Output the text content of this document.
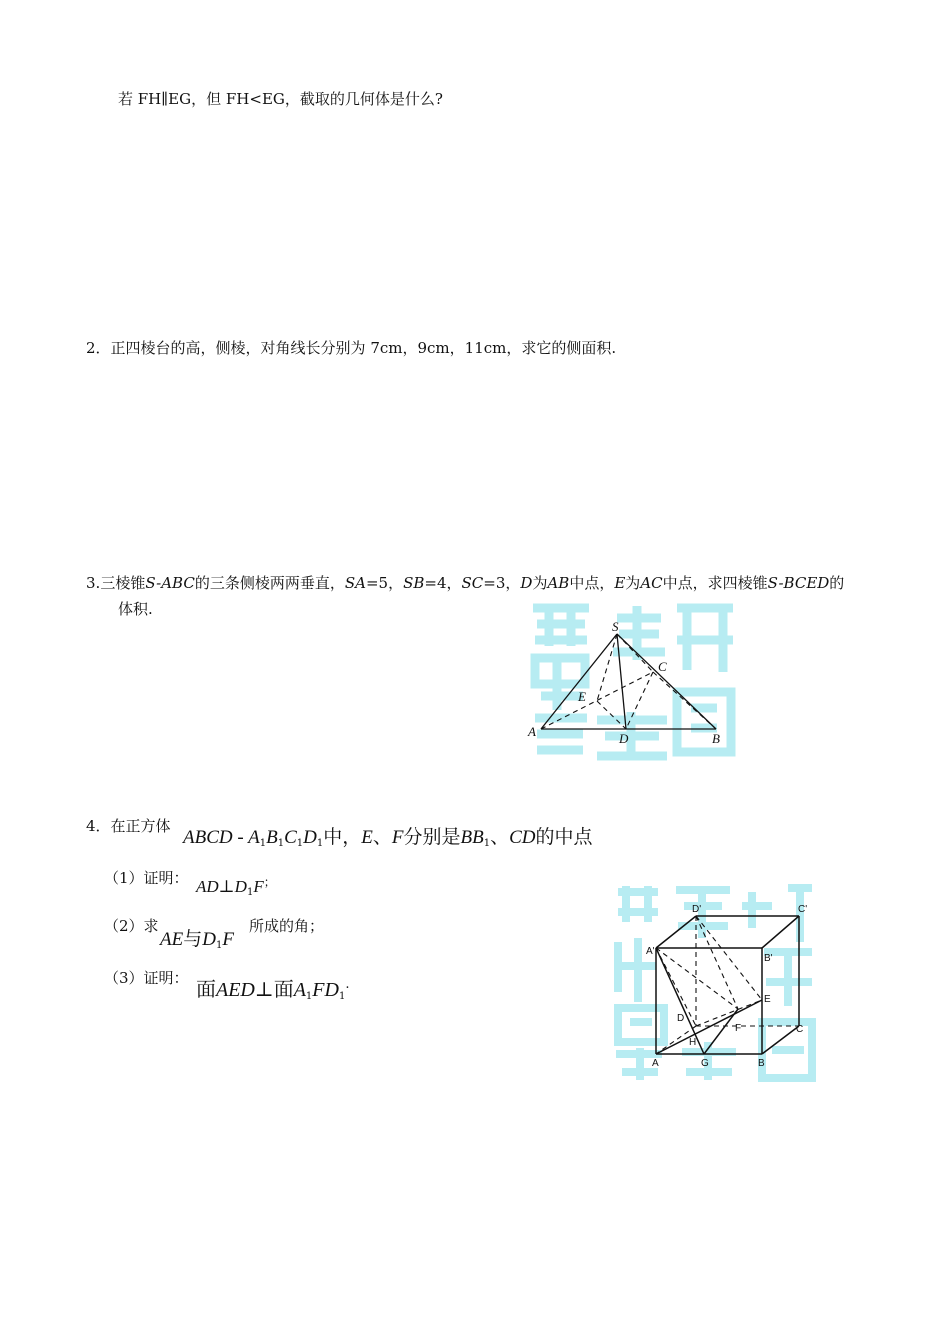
若 FH∥EG，但 FH<EG，截取的几何体是什么?
2．正四棱台的高，侧棱，对角线长分别为 7cm，9cm，11cm，求它的侧面积.
3.三棱锥S-ABC的三条侧棱两两垂直，SA=5，SB=4，SC=3，D为AB中点，E为AC中点，求四棱锥S-BCED的
体积.
S
C
E
A	D	B
4．在正方体
ABCD - $A_1B_1C_1D_1$中，E、F分别是$BB_1$、CD的中点
（1）证明： $AD\perp D_1F^;$
（2）求
AE与$D_1F$
所成的角；
（3）证明： 面AED⊥面$A_1FD_1^.$
D'	C'
A'
B'
E
D
F	C
H
A	G	B
